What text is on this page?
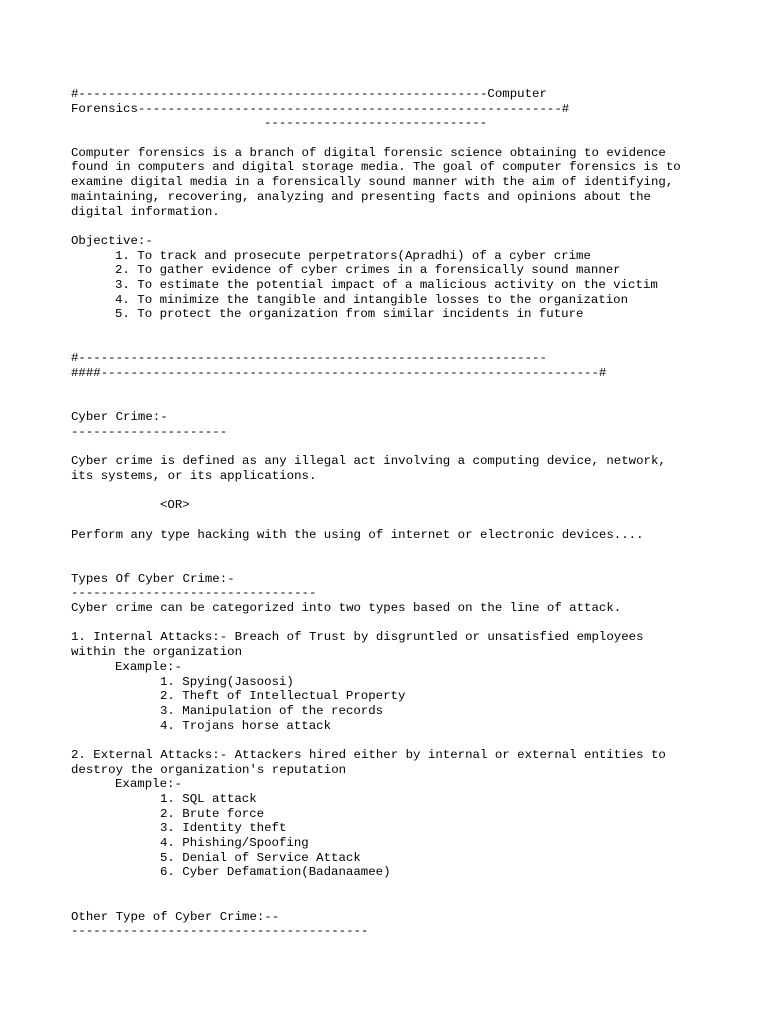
#-------------------------------------------------------Computer
Forensics---------------------------------------------------------#
------------------------------
Computer forensics is a branch of digital forensic science obtaining to evidence
found in computers and digital storage media. The goal of computer forensics is to
examine digital media in a forensically sound manner with the aim of identifying,
maintaining, recovering, analyzing and presenting facts and opinions about the
digital information.
Objective:-
1. To track and prosecute perpetrators(Apradhi) of a cyber crime
2. To gather evidence of cyber crimes in a forensically sound manner
3. To estimate the potential impact of a malicious activity on the victim
4. To minimize the tangible and intangible losses to the organization
5. To protect the organization from similar incidents in future
#---------------------------------------------------------------
####-------------------------------------------------------------------#
Cyber Crime:-
---------------------
Cyber crime is defined as any illegal act involving a computing device, network,
its systems, or its applications.
<OR>
Perform any type hacking with the using of internet or electronic devices....
Types Of Cyber Crime:-
---------------------------------
Cyber crime can be categorized into two types based on the line of attack.
1. Internal Attacks:- Breach of Trust by disgruntled or unsatisfied employees
within the organization
Example:-
1. Spying(Jasoosi)
2. Theft of Intellectual Property
3. Manipulation of the records
4. Trojans horse attack
2. External Attacks:- Attackers hired either by internal or external entities to
destroy the organization's reputation
Example:-
1. SQL attack
2. Brute force
3. Identity theft
4. Phishing/Spoofing
5. Denial of Service Attack
6. Cyber Defamation(Badanaamee)
Other Type of Cyber Crime:--
----------------------------------------
